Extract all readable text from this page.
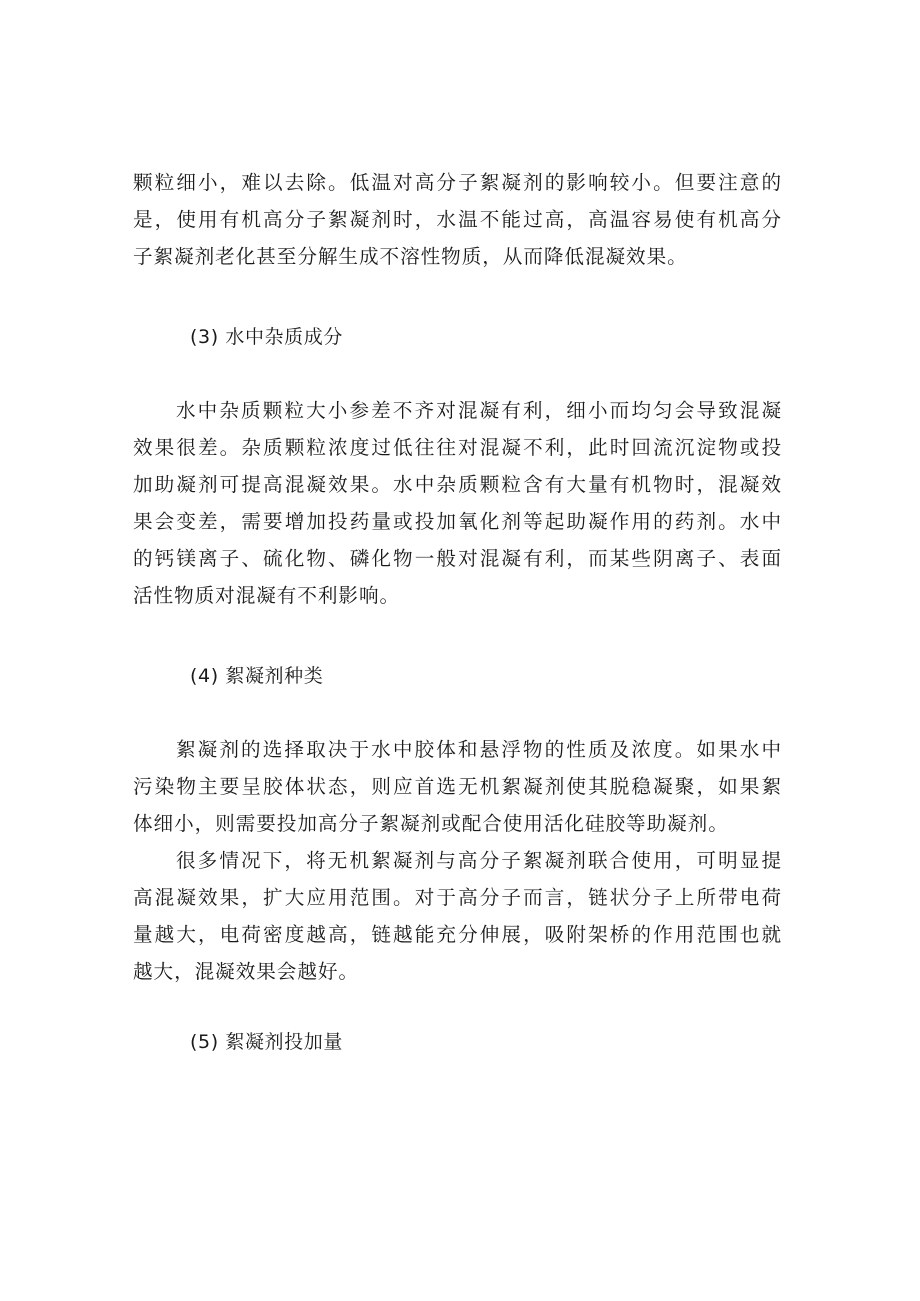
颗粒细小，难以去除。低温对高分子絮凝剂的影响较小。但要注意的
是，使用有机高分子絮凝剂时，水温不能过高，高温容易使有机高分
子絮凝剂老化甚至分解生成不溶性物质，从而降低混凝效果。
(3) 水中杂质成分
水中杂质颗粒大小参差不齐对混凝有利，细小而均匀会导致混凝
效果很差。杂质颗粒浓度过低往往对混凝不利，此时回流沉淀物或投
加助凝剂可提高混凝效果。水中杂质颗粒含有大量有机物时，混凝效
果会变差，需要增加投药量或投加氧化剂等起助凝作用的药剂。水中
的钙镁离子、硫化物、磷化物一般对混凝有利，而某些阴离子、表面
活性物质对混凝有不利影响。
(4) 絮凝剂种类
絮凝剂的选择取决于水中胶体和悬浮物的性质及浓度。如果水中
污染物主要呈胶体状态，则应首选无机絮凝剂使其脱稳凝聚，如果絮
体细小，则需要投加高分子絮凝剂或配合使用活化硅胶等助凝剂。
很多情况下，将无机絮凝剂与高分子絮凝剂联合使用，可明显提
高混凝效果，扩大应用范围。对于高分子而言，链状分子上所带电荷
量越大，电荷密度越高，链越能充分伸展，吸附架桥的作用范围也就
越大，混凝效果会越好。
(5) 絮凝剂投加量
